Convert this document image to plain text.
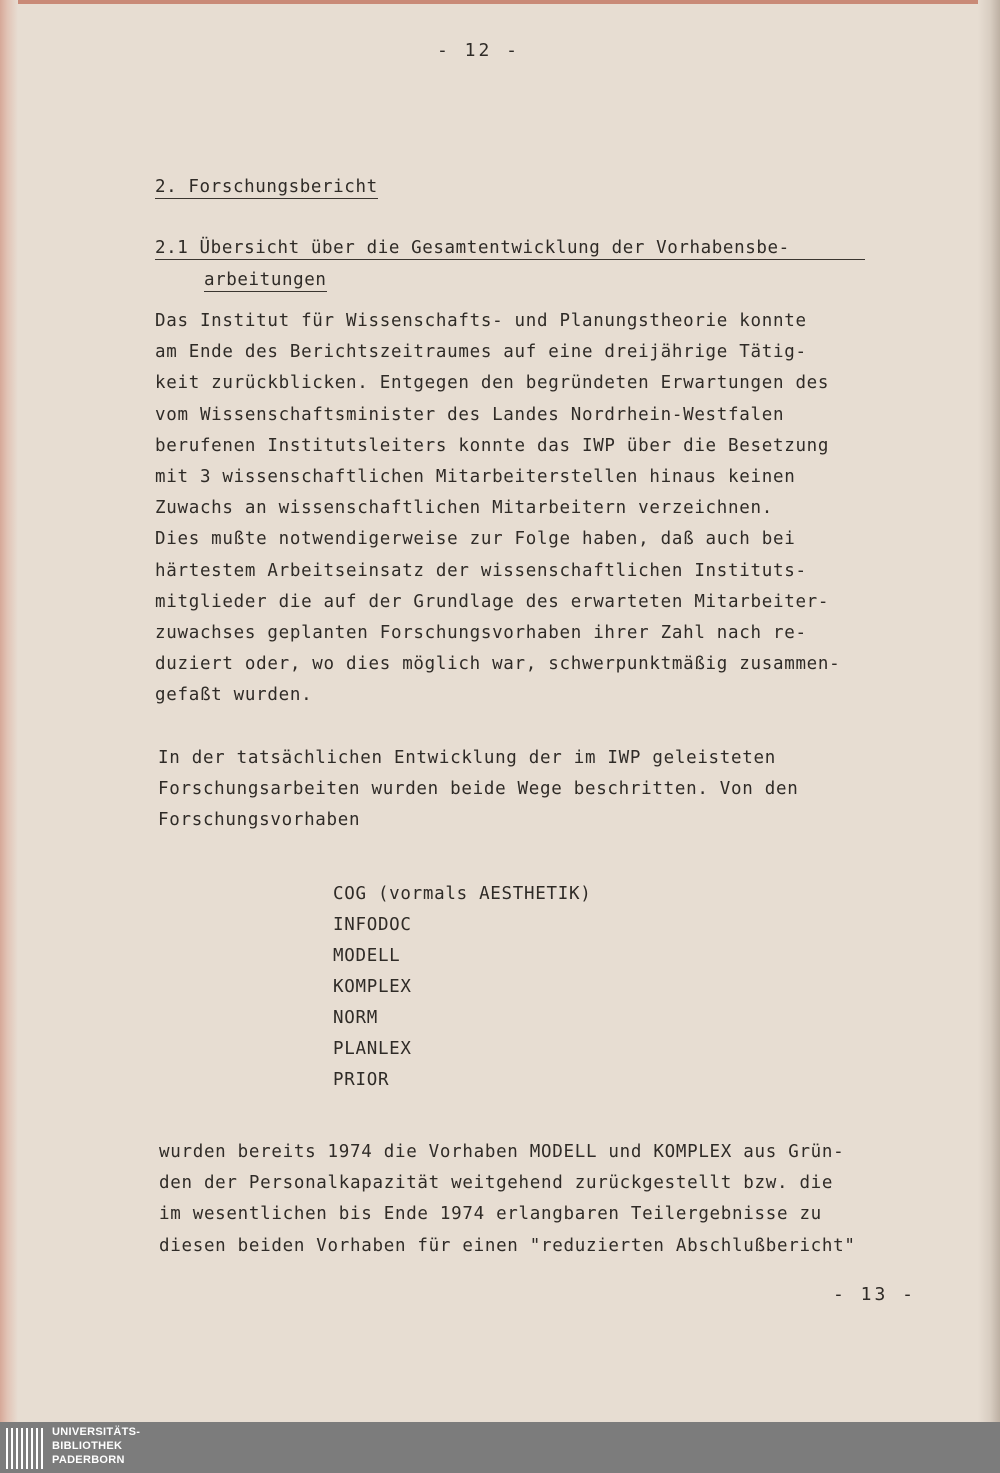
- 12 -
2. Forschungsbericht
2.1 Übersicht über die Gesamtentwicklung der Vorhabensbe-
arbeitungen
Das Institut für Wissenschafts- und Planungstheorie konnte
am Ende des Berichtszeitraumes auf eine dreijährige Tätig-
keit zurückblicken. Entgegen den begründeten Erwartungen des
vom Wissenschaftsminister des Landes Nordrhein-Westfalen
berufenen Institutsleiters konnte das IWP über die Besetzung
mit 3 wissenschaftlichen Mitarbeiterstellen hinaus keinen
Zuwachs an wissenschaftlichen Mitarbeitern verzeichnen.
Dies mußte notwendigerweise zur Folge haben, daß auch bei
härtestem Arbeitseinsatz der wissenschaftlichen Instituts-
mitglieder die auf der Grundlage des erwarteten Mitarbeiter-
zuwachses geplanten Forschungsvorhaben ihrer Zahl nach re-
duziert oder, wo dies möglich war, schwerpunktmäßig zusammen-
gefaßt wurden.
In der tatsächlichen Entwicklung der im IWP geleisteten
Forschungsarbeiten wurden beide Wege beschritten. Von den
Forschungsvorhaben
COG (vormals AESTHETIK)
INFODOC
MODELL
KOMPLEX
NORM
PLANLEX
PRIOR
wurden bereits 1974 die Vorhaben MODELL und KOMPLEX aus Grün-
den der Personalkapazität weitgehend zurückgestellt bzw. die
im wesentlichen bis Ende 1974 erlangbaren Teilergebnisse zu
diesen beiden Vorhaben für einen "reduzierten Abschlußbericht"
- 13 -
UNIVERSITÄTS-
BIBLIOTHEK
PADERBORN
